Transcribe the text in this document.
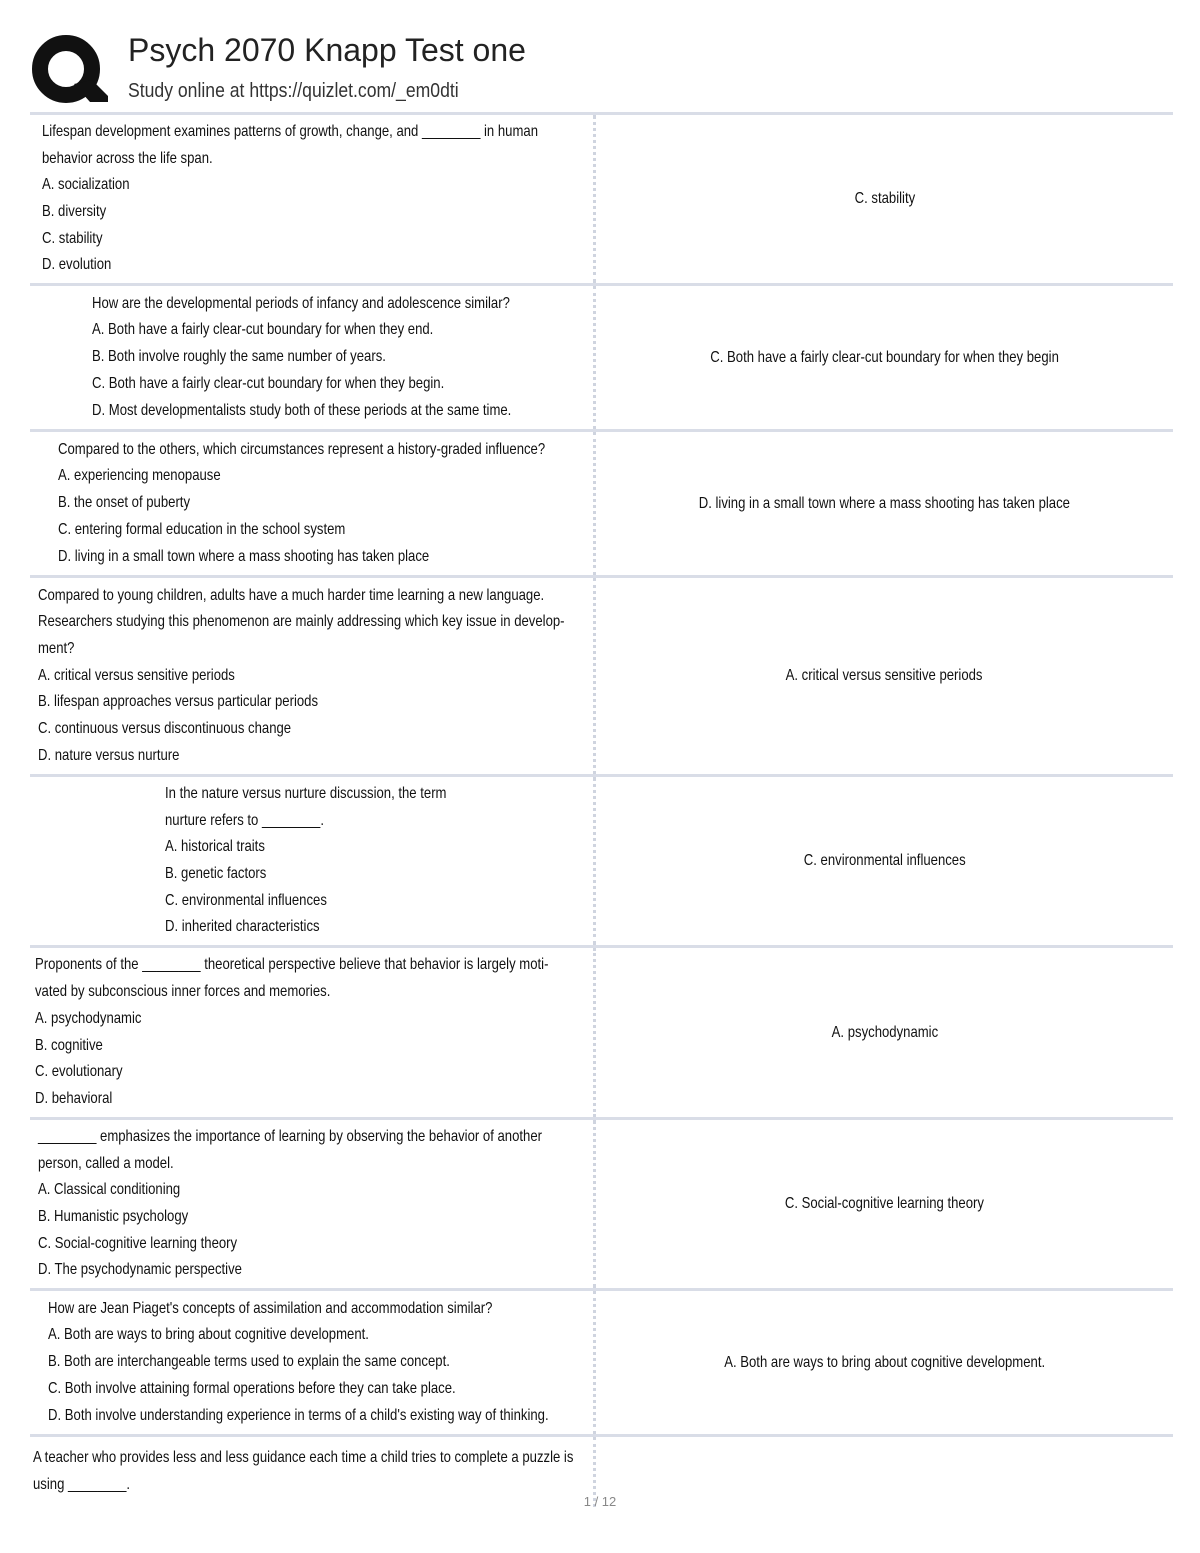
Psych 2070 Knapp Test one
Study online at https://quizlet.com/_em0dti
Lifespan development examines patterns of growth, change, and ________ in human
behavior across the life span.
A. socialization
B. diversity
C. stability
D. evolution
C. stability
How are the developmental periods of infancy and adolescence similar?
A. Both have a fairly clear-cut boundary for when they end.
B. Both involve roughly the same number of years.
C. Both have a fairly clear-cut boundary for when they begin.
D. Most developmentalists study both of these periods at the same time.
C. Both have a fairly clear-cut boundary for when they begin
Compared to the others, which circumstances represent a history-graded influence?
A. experiencing menopause
B. the onset of puberty
C. entering formal education in the school system
D. living in a small town where a mass shooting has taken place
D. living in a small town where a mass shooting has taken place
Compared to young children, adults have a much harder time learning a new language.
Researchers studying this phenomenon are mainly addressing which key issue in develop-
ment?
A. critical versus sensitive periods
B. lifespan approaches versus particular periods
C. continuous versus discontinuous change
D. nature versus nurture
A. critical versus sensitive periods
In the nature versus nurture discussion, the term
nurture refers to ________.
A. historical traits
B. genetic factors
C. environmental influences
D. inherited characteristics
C. environmental influences
Proponents of the ________ theoretical perspective believe that behavior is largely moti-
vated by subconscious inner forces and memories.
A. psychodynamic
B. cognitive
C. evolutionary
D. behavioral
A. psychodynamic
________ emphasizes the importance of learning by observing the behavior of another
person, called a model.
A. Classical conditioning
B. Humanistic psychology
C. Social-cognitive learning theory
D. The psychodynamic perspective
C. Social-cognitive learning theory
How are Jean Piaget's concepts of assimilation and accommodation similar?
A. Both are ways to bring about cognitive development.
B. Both are interchangeable terms used to explain the same concept.
C. Both involve attaining formal operations before they can take place.
D. Both involve understanding experience in terms of a child's existing way of thinking.
A. Both are ways to bring about cognitive development.
A teacher who provides less and less guidance each time a child tries to complete a puzzle is
using ________.
1 / 12
